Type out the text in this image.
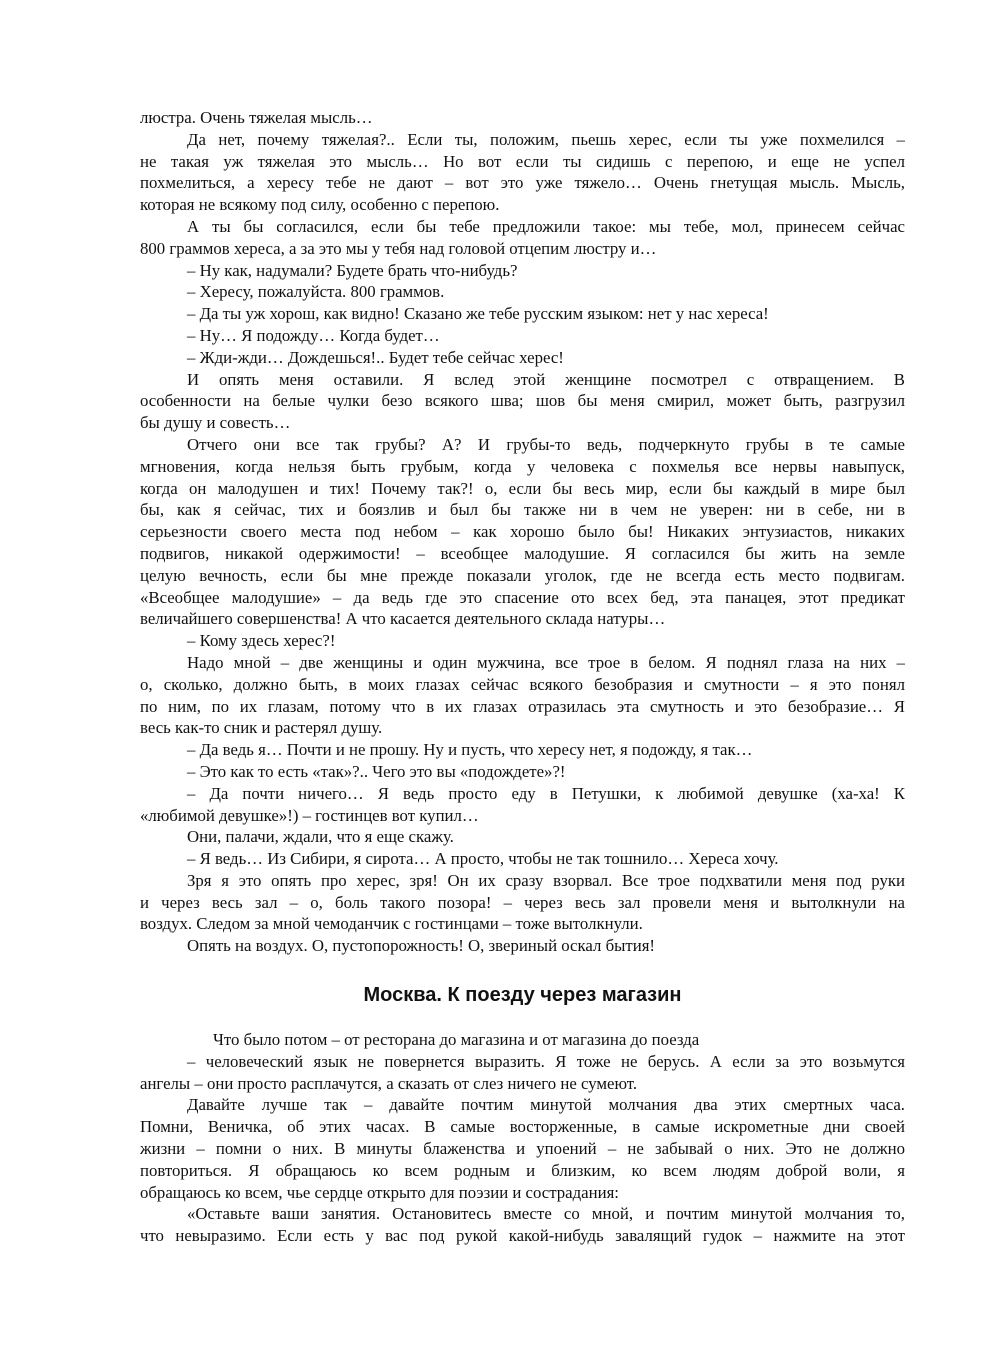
люстра. Очень тяжелая мысль…
Да нет, почему тяжелая?.. Если ты, положим, пьешь херес, если ты уже похмелился –
не такая уж тяжелая это мысль… Но вот если ты сидишь с перепою, и еще не успел
похмелиться, а хересу тебе не дают – вот это уже тяжело… Очень гнетущая мысль. Мысль,
которая не всякому под силу, особенно с перепою.
А ты бы согласился, если бы тебе предложили такое: мы тебе, мол, принесем сейчас
800 граммов хереса, а за это мы у тебя над головой отцепим люстру и…
– Ну как, надумали? Будете брать что-нибудь?
– Хересу, пожалуйста. 800 граммов.
– Да ты уж хорош, как видно! Сказано же тебе русским языком: нет у нас хереса!
– Ну… Я подожду… Когда будет…
– Жди-жди… Дождешься!.. Будет тебе сейчас херес!
И опять меня оставили. Я вслед этой женщине посмотрел с отвращением. В
особенности на белые чулки безо всякого шва; шов бы меня смирил, может быть, разгрузил
бы душу и совесть…
Отчего они все так грубы? А? И грубы-то ведь, подчеркнуто грубы в те самые
мгновения, когда нельзя быть грубым, когда у человека с похмелья все нервы навыпуск,
когда он малодушен и тих! Почему так?! о, если бы весь мир, если бы каждый в мире был
бы, как я сейчас, тих и боязлив и был бы также ни в чем не уверен: ни в себе, ни в
серьезности своего места под небом – как хорошо было бы! Никаких энтузиастов, никаких
подвигов, никакой одержимости! – всеобщее малодушие. Я согласился бы жить на земле
целую вечность, если бы мне прежде показали уголок, где не всегда есть место подвигам.
«Всеобщее малодушие» – да ведь где это спасение ото всех бед, эта панацея, этот предикат
величайшего совершенства! А что касается деятельного склада натуры…
– Кому здесь херес?!
Надо мной – две женщины и один мужчина, все трое в белом. Я поднял глаза на них –
о, сколько, должно быть, в моих глазах сейчас всякого безобразия и смутности – я это понял
по ним, по их глазам, потому что в их глазах отразилась эта смутность и это безобразие… Я
весь как-то сник и растерял душу.
– Да ведь я… Почти и не прошу. Ну и пусть, что хересу нет, я подожду, я так…
– Это как то есть «так»?.. Чего это вы «подождете»?!
– Да почти ничего… Я ведь просто еду в Петушки, к любимой девушке (ха-ха! К
«любимой девушке»!) – гостинцев вот купил…
Они, палачи, ждали, что я еще скажу.
– Я ведь… Из Сибири, я сирота… А просто, чтобы не так тошнило… Хереса хочу.
Зря я это опять про херес, зря! Он их сразу взорвал. Все трое подхватили меня под руки
и через весь зал – о, боль такого позора! – через весь зал провели меня и вытолкнули на
воздух. Следом за мной чемоданчик с гостинцами – тоже вытолкнули.
Опять на воздух. О, пустопорожность! О, звериный оскал бытия!
Москва. К поезду через магазин
Что было потом – от ресторана до магазина и от магазина до поезда
– человеческий язык не повернется выразить. Я тоже не берусь. А если за это возьмутся
ангелы – они просто расплачутся, а сказать от слез ничего не сумеют.
Давайте лучше так – давайте почтим минутой молчания два этих смертных часа.
Помни, Веничка, об этих часах. В самые восторженные, в самые искрометные дни своей
жизни – помни о них. В минуты блаженства и упоений – не забывай о них. Это не должно
повториться. Я обращаюсь ко всем родным и близким, ко всем людям доброй воли, я
обращаюсь ко всем, чье сердце открыто для поэзии и сострадания:
«Оставьте ваши занятия. Остановитесь вместе со мной, и почтим минутой молчания то,
что невыразимо. Если есть у вас под рукой какой-нибудь завалящий гудок – нажмите на этот
